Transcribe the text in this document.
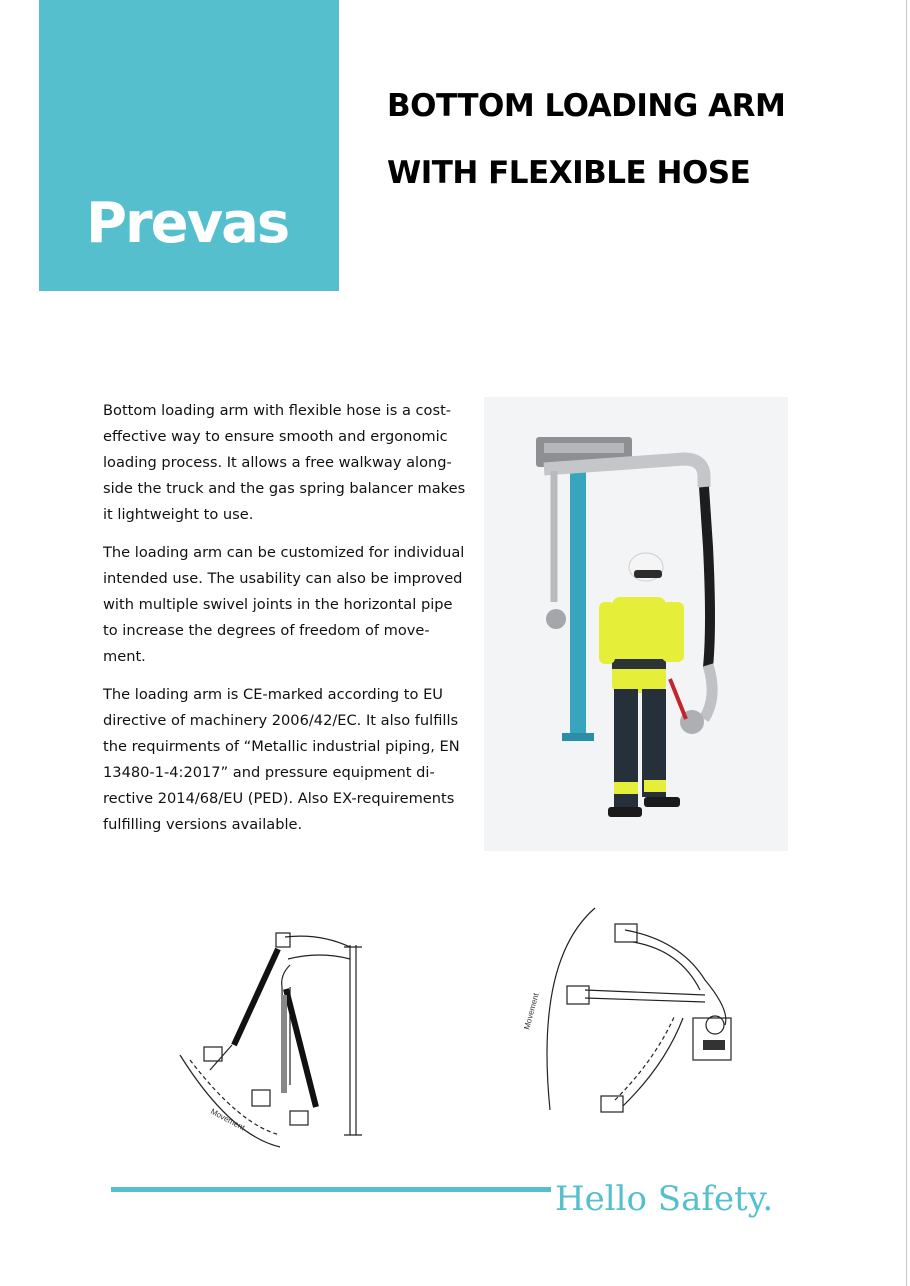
Prevas
BOTTOM LOADING ARM
WITH FLEXIBLE HOSE

Bottom loading arm with flexible hose is a cost-effective way to ensure smooth and ergonomic loading process. It allows a free walkway along-side the truck and the gas spring balancer makes it lightweight to use.

The loading arm can be customized for individual intended use. The usability can also be improved with multiple swivel joints in the horizontal pipe to increase the degrees of freedom of move-ment.

The loading arm is CE-marked according to EU directive of machinery 2006/42/EC. It also fulfills the requirments of “Metallic industrial piping, EN 13480-1-4:2017” and pressure equipment di-rective 2014/68/EU (PED). Also EX-requirements fulfilling versions available.

Movement
Movement
Hello Safety.
